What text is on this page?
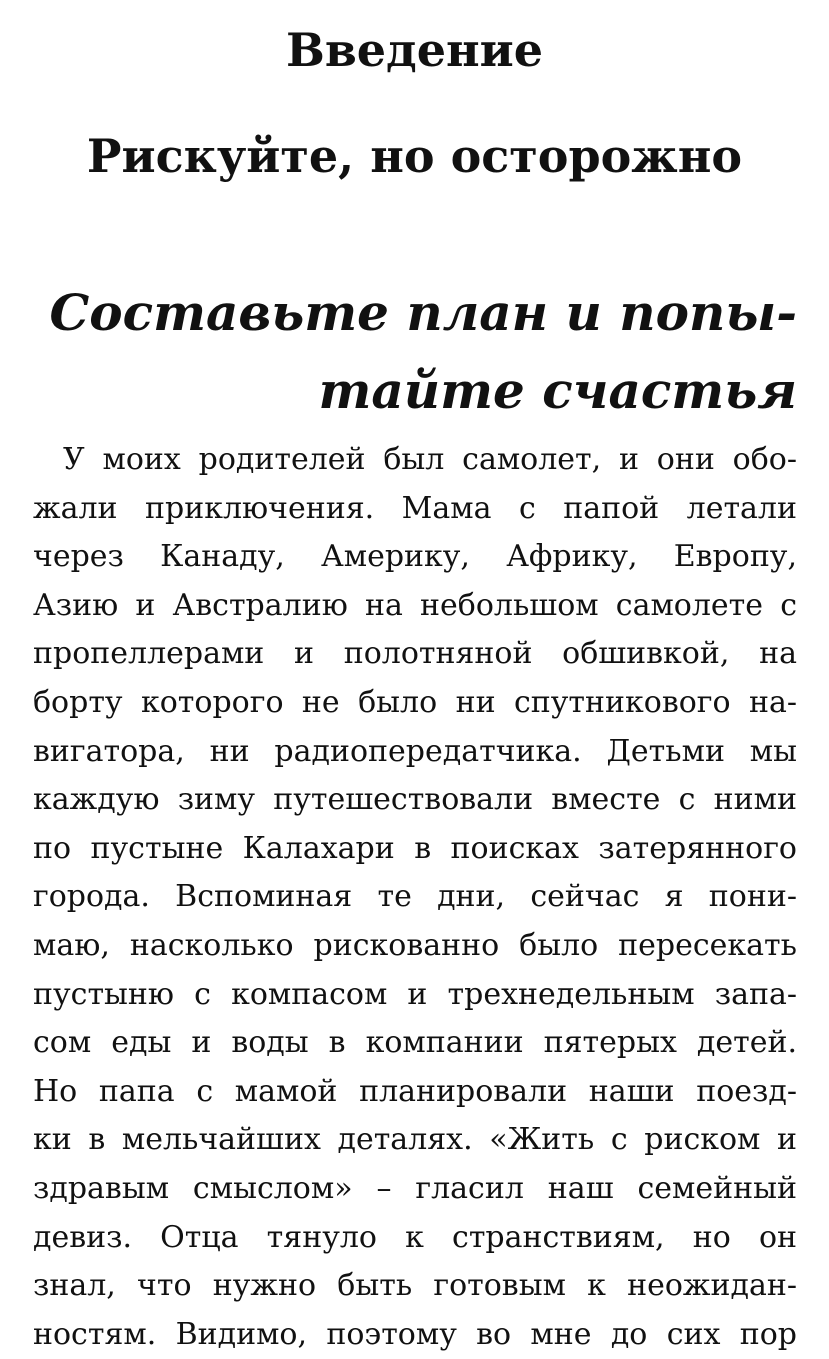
Введение
Рискуйте, но осторожно
Составьте план и попы-
тайте счастья
У моих родителей был самолет, и они обо-
жали приключения. Мама с папой летали
через Канаду, Америку, Африку, Европу,
Азию и Австралию на небольшом самолете с
пропеллерами и полотняной обшивкой, на
борту которого не было ни спутникового на-
вигатора, ни радиопередатчика. Детьми мы
каждую зиму путешествовали вместе с ними
по пустыне Калахари в поисках затерянного
города. Вспоминая те дни, сейчас я пони-
маю, насколько рискованно было пересекать
пустыню с компасом и трехнедельным запа-
сом еды и воды в компании пятерых детей.
Но папа с мамой планировали наши поезд-
ки в мельчайших деталях. «Жить с риском и
здравым смыслом» – гласил наш семейный
девиз. Отца тянуло к странствиям, но он
знал, что нужно быть готовым к неожидан-
ностям. Видимо, поэтому во мне до сих пор
